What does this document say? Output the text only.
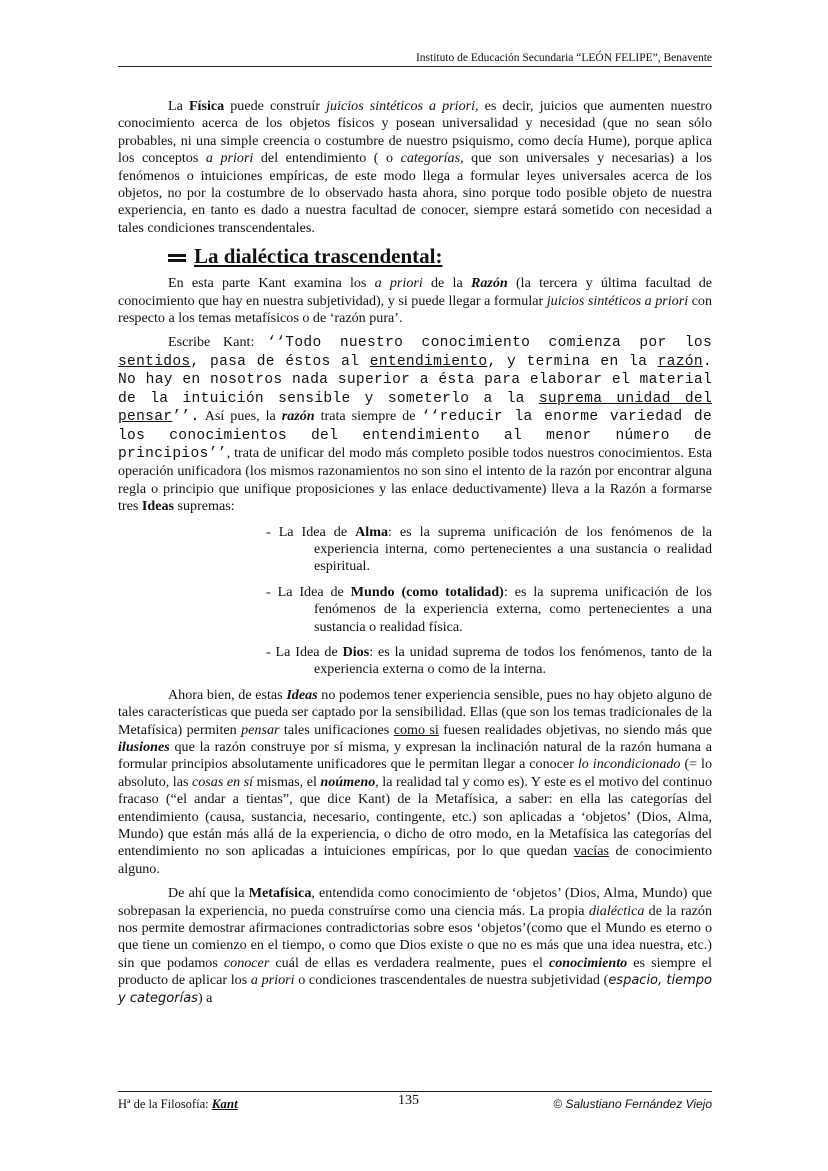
Instituto de Educación Secundaria “LEÓN FELIPE”, Benavente

La Física puede construír juicios sintéticos a priori, es decir, juicios que aumenten nuestro conocimiento acerca de los objetos físicos y posean universalidad y necesidad (que no sean sólo probables, ni una simple creencia o costumbre de nuestro psiquismo, como decía Hume), porque aplica los conceptos a priori del entendimiento ( o categorías, que son universales y necesarias) a los fenómenos o intuiciones empíricas, de este modo llega a formular leyes universales acerca de los objetos, no por la costumbre de lo observado hasta ahora, sino porque todo posible objeto de nuestra experiencia, en tanto es dado a nuestra facultad de conocer, siempre estará sometido con necesidad a tales condiciones transcendentales.

La dialéctica trascendental:

En esta parte Kant examina los a priori de la Razón (la tercera y última facultad de conocimiento que hay en nuestra subjetividad), y si puede llegar a formular juicios sintéticos a priori con respecto a los temas metafísicos o de ‘razón pura’.

Escribe Kant: ‘‘Todo nuestro conocimiento comienza por los sentidos, pasa de éstos al entendimiento, y termina en la razón. No hay en nosotros nada superior a ésta para elaborar el material de la intuición sensible y someterlo a la suprema unidad del pensar’’. Así pues, la razón trata siempre de ‘‘reducir la enorme variedad de los conocimientos del entendimiento al menor número de principios’’, trata de unificar del modo más completo posible todos nuestros conocimientos. Esta operación unificadora (los mismos razonamientos no son sino el intento de la razón por encontrar alguna regla o principio que unifique proposiciones y las enlace deductivamente) lleva a la Razón a formarse tres Ideas supremas:

- La Idea de Alma: es la suprema unificación de los fenómenos de la experiencia interna, como pertenecientes a una sustancia o realidad espiritual.
- La Idea de Mundo (como totalidad): es la suprema unificación de los fenómenos de la experiencia externa, como pertenecientes a una sustancia o realidad física.
- La Idea de Dios: es la unidad suprema de todos los fenómenos, tanto de la experiencia externa o como de la interna.

Ahora bien, de estas Ideas no podemos tener experiencia sensible, pues no hay objeto alguno de tales características que pueda ser captado por la sensibilidad. Ellas (que son los temas tradicionales de la Metafísica) permiten pensar tales unificaciones como si fuesen realidades objetivas, no siendo más que ilusiones que la razón construye por sí misma, y expresan la inclinación natural de la razón humana a formular principios absolutamente unificadores que le permitan llegar a conocer lo incondicionado (= lo absoluto, las cosas en sí mismas, el noúmeno, la realidad tal y como es). Y este es el motivo del continuo fracaso (“el andar a tientas”, que dice Kant) de la Metafísica, a saber: en ella las categorías del entendimiento (causa, sustancia, necesario, contingente, etc.) son aplicadas a ‘objetos’ (Dios, Alma, Mundo) que están más allá de la experiencia, o dicho de otro modo, en la Metafísica las categorías del entendimiento no son aplicadas a intuiciones empíricas, por lo que quedan vacías de conocimiento alguno.

De ahí que la Metafísica, entendida como conocimiento de ‘objetos’ (Dios, Alma, Mundo) que sobrepasan la experiencia, no pueda construírse como una ciencia más. La propia dialéctica de la razón nos permite demostrar afirmaciones contradictorias sobre esos ‘objetos’(como que el Mundo es eterno o que tiene un comienzo en el tiempo, o como que Dios existe o que no es más que una idea nuestra, etc.) sin que podamos conocer cuál de ellas es verdadera realmente, pues el conocimiento es siempre el producto de aplicar los a priori o condiciones trascendentales de nuestra subjetividad (espacio, tiempo y categorías) a

Hª de la Filosofía: Kant	135	© Salustiano Fernández Viejo
